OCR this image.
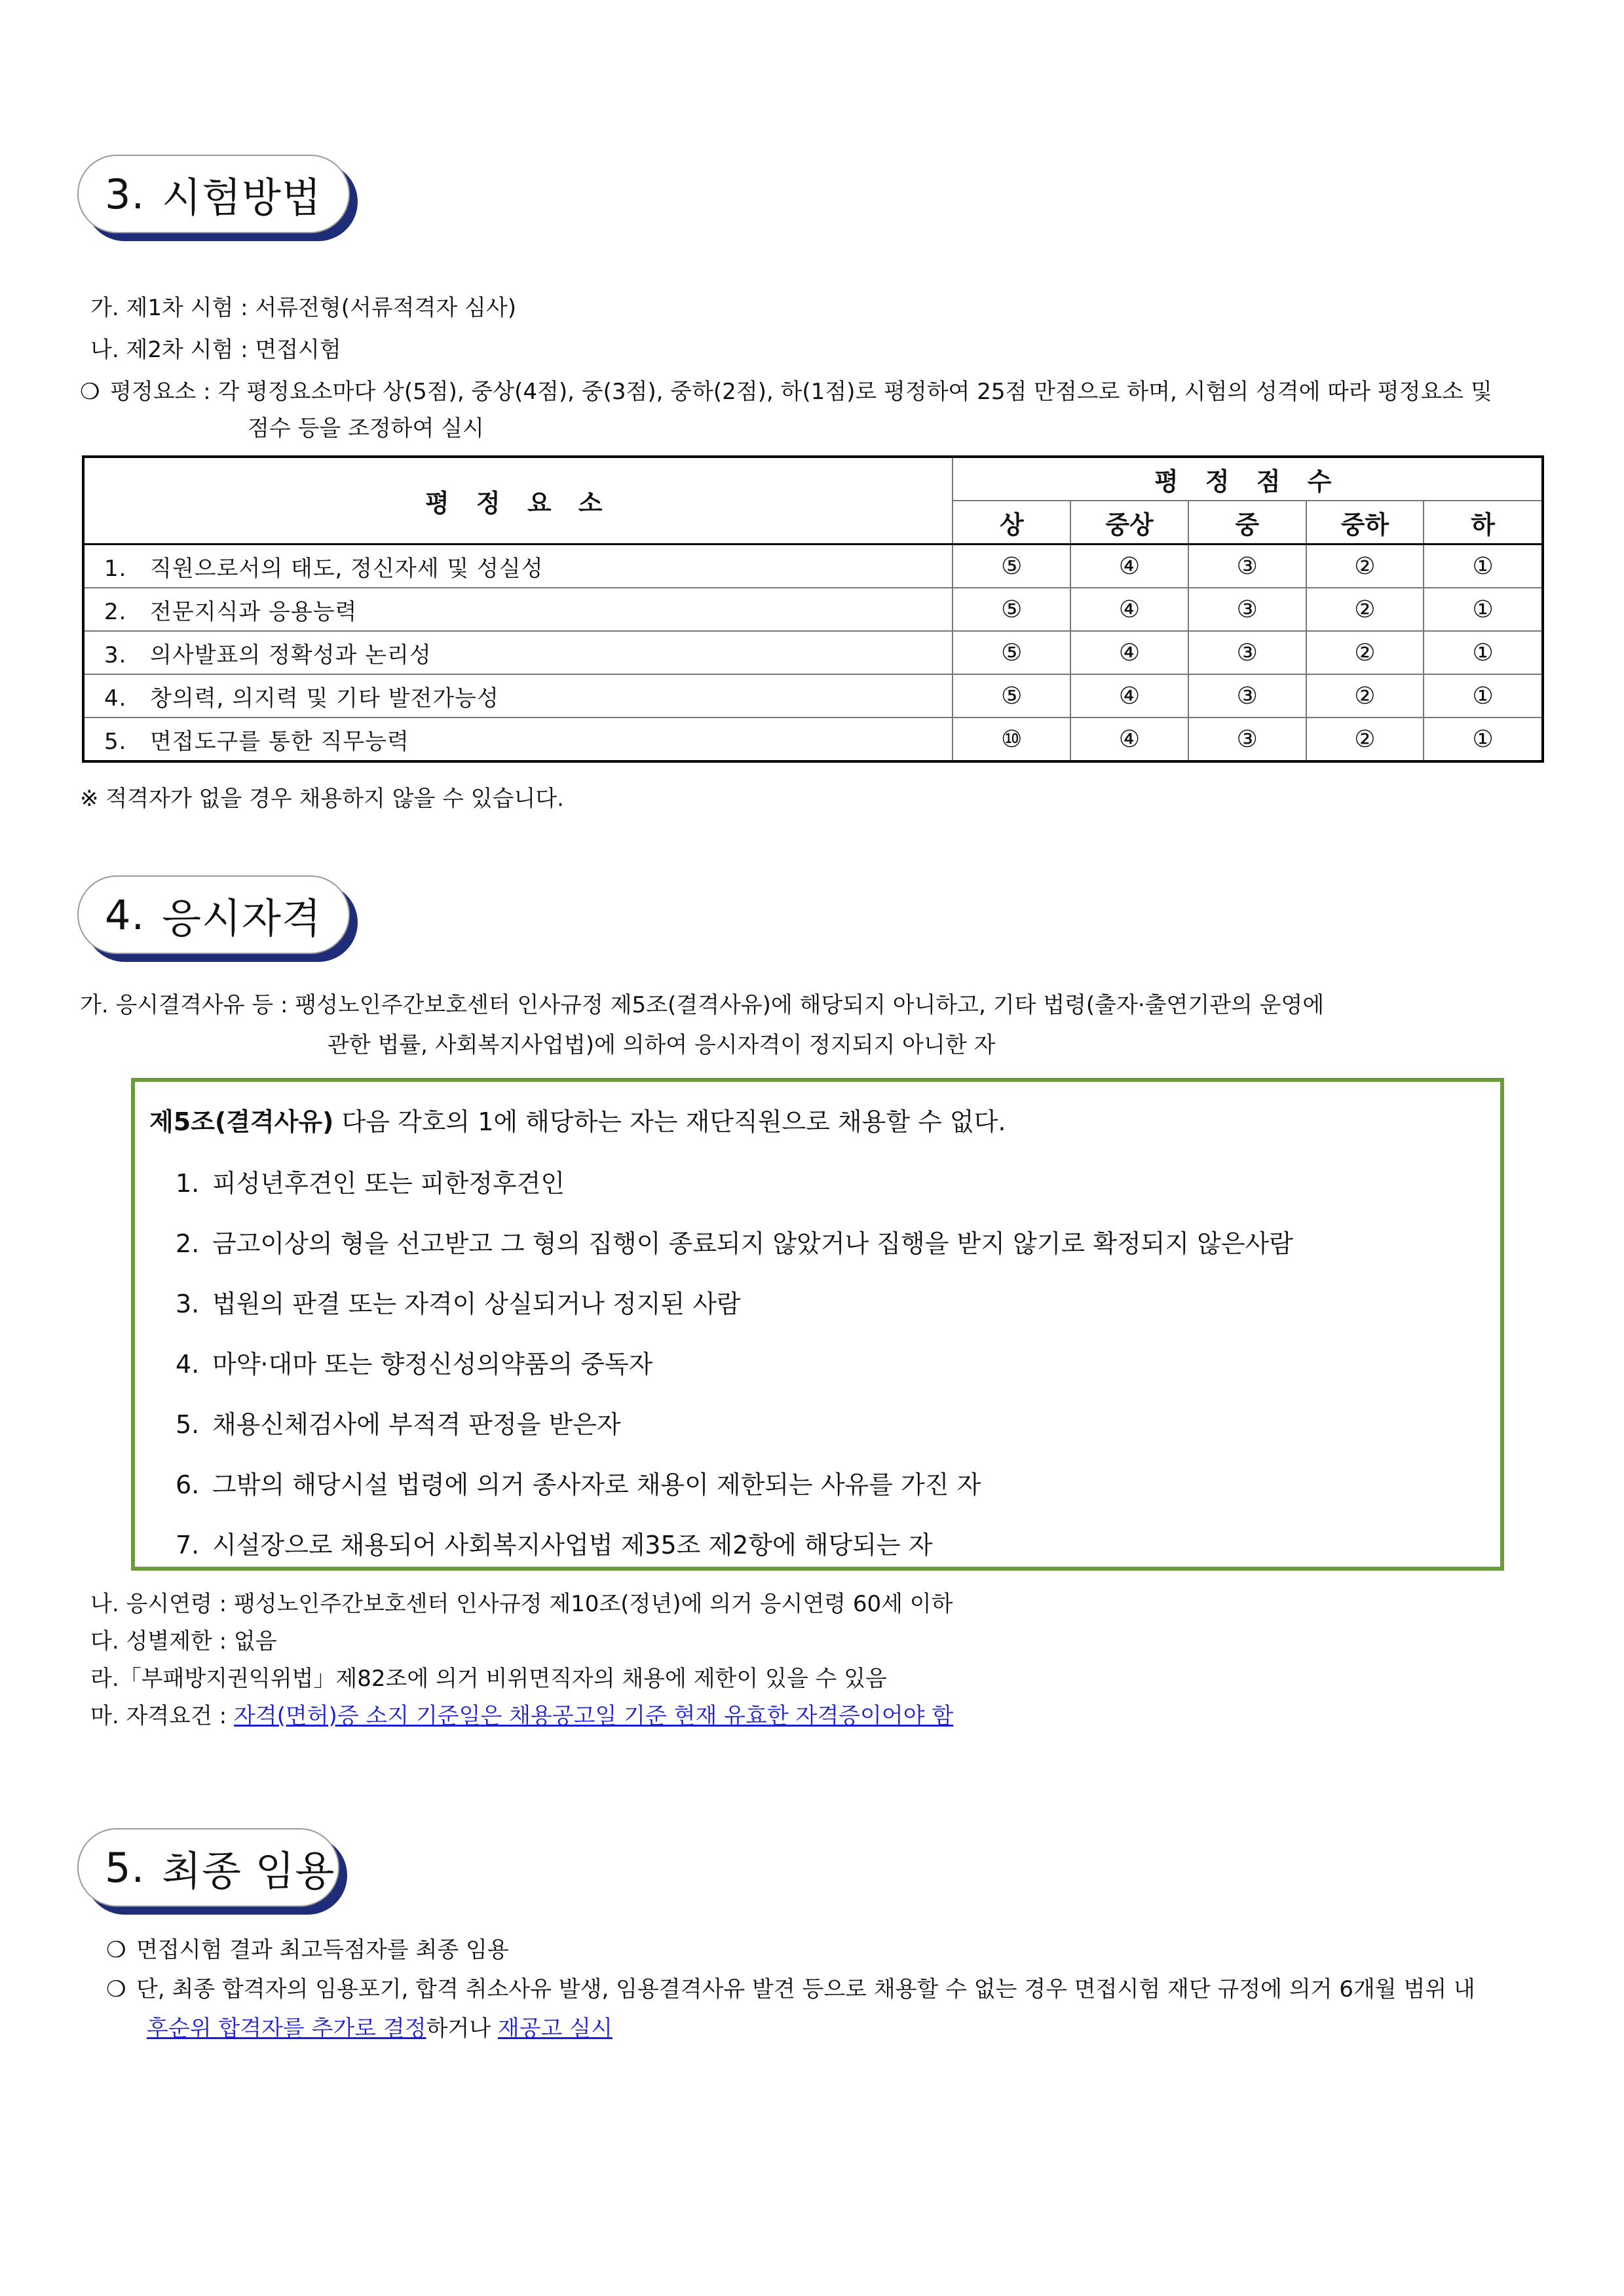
3. 시험방법
가. 제1차 시험 : 서류전형(서류적격자 심사)
나. 제2차 시험 : 면접시험
❍ 평정요소 : 각 평정요소마다 상(5점), 중상(4점), 중(3점), 중하(2점), 하(1점)로 평정하여 25점 만점으로 하며, 시험의 성격에 따라 평정요소 및
점수 등을 조정하여 실시
평 정 요 소	평 정 점 수				
	상	중상	중	중하	하
1. 직원으로서의 태도, 정신자세 및 성실성	⑤	④	③	②	①
2. 전문지식과 응용능력	⑤	④	③	②	①
3. 의사발표의 정확성과 논리성	⑤	④	③	②	①
4. 창의력, 의지력 및 기타 발전가능성	⑤	④	③	②	①
5. 면접도구를 통한 직무능력	⑩	④	③	②	①
※ 적격자가 없을 경우 채용하지 않을 수 있습니다.
4. 응시자격
가. 응시결격사유 등 : 팽성노인주간보호센터 인사규정 제5조(결격사유)에 해당되지 아니하고, 기타 법령(출자·출연기관의 운영에
관한 법률, 사회복지사업법)에 의하여 응시자격이 정지되지 아니한 자
제5조(결격사유) 다음 각호의 1에 해당하는 자는 재단직원으로 채용할 수 없다.
1. 피성년후견인 또는 피한정후견인
2. 금고이상의 형을 선고받고 그 형의 집행이 종료되지 않았거나 집행을 받지 않기로 확정되지 않은사람
3. 법원의 판결 또는 자격이 상실되거나 정지된 사람
4. 마약·대마 또는 향정신성의약품의 중독자
5. 채용신체검사에 부적격 판정을 받은자
6. 그밖의 해당시설 법령에 의거 종사자로 채용이 제한되는 사유를 가진 자
7. 시설장으로 채용되어 사회복지사업법 제35조 제2항에 해당되는 자
나. 응시연령 : 팽성노인주간보호센터 인사규정 제10조(정년)에 의거 응시연령 60세 이하
다. 성별제한 : 없음
라.「부패방지권익위법」제82조에 의거 비위면직자의 채용에 제한이 있을 수 있음
마. 자격요건 : 자격(면허)증 소지 기준일은 채용공고일 기준 현재 유효한 자격증이어야 함
5. 최종 임용
❍ 면접시험 결과 최고득점자를 최종 임용
❍ 단, 최종 합격자의 임용포기, 합격 취소사유 발생, 임용결격사유 발견 등으로 채용할 수 없는 경우 면접시험 재단 규정에 의거 6개월 범위 내
후순위 합격자를 추가로 결정하거나 재공고 실시
